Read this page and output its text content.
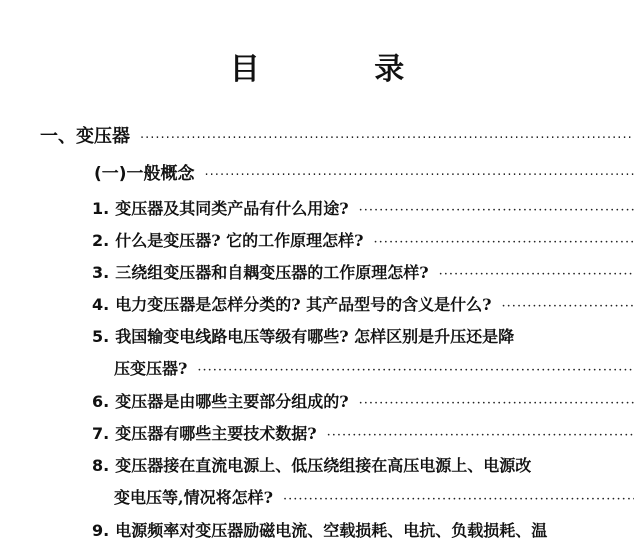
目 录
一、变压器
·····
(一)一般概念
·····
1. 变压器及其同类产品有什么用途?
·····
2. 什么是变压器? 它的工作原理怎样?
·····
3. 三绕组变压器和自耦变压器的工作原理怎样?
·····
4. 电力变压器是怎样分类的? 其产品型号的含义是什么?
·····
5. 我国输变电线路电压等级有哪些? 怎样区别是升压还是降
压变压器?
·····
6. 变压器是由哪些主要部分组成的?
·····
7. 变压器有哪些主要技术数据?
·····
8. 变压器接在直流电源上、低压绕组接在高压电源上、电源改
变电压等,情况将怎样?
·····
9. 电源频率对变压器励磁电流、空载损耗、电抗、负载损耗、温
